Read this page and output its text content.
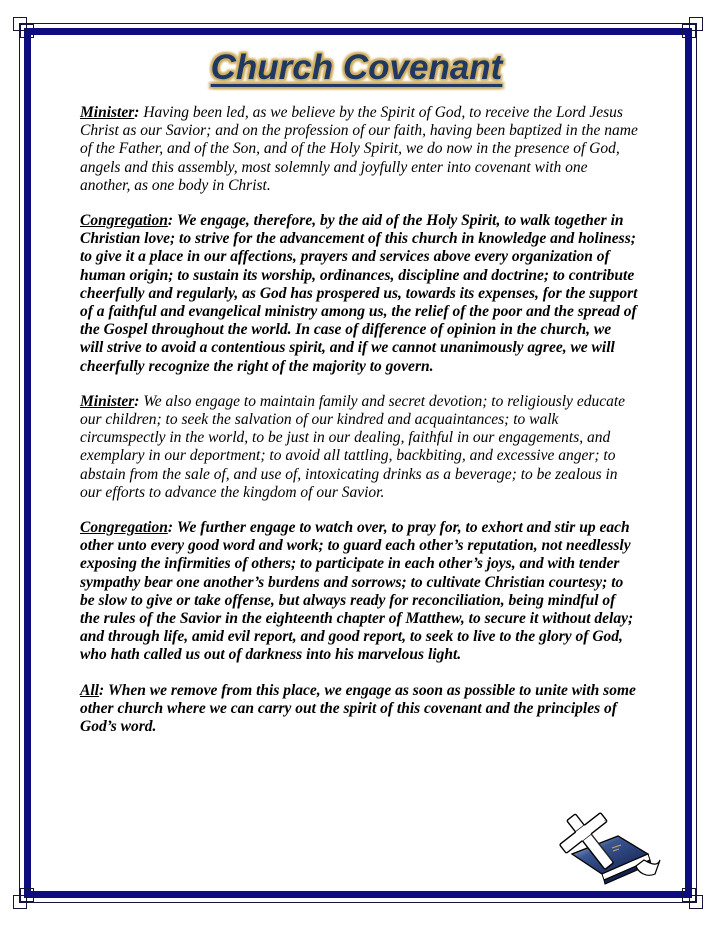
Church Covenant

Minister: Having been led, as we believe by the Spirit of God, to receive the Lord Jesus Christ as our Savior; and on the profession of our faith, having been baptized in the name of the Father, and of the Son, and of the Holy Spirit, we do now in the presence of God, angels and this assembly, most solemnly and joyfully enter into covenant with one another, as one body in Christ.

Congregation: We engage, therefore, by the aid of the Holy Spirit, to walk together in Christian love; to strive for the advancement of this church in knowledge and holiness; to give it a place in our affections, prayers and services above every organization of human origin; to sustain its worship, ordinances, discipline and doctrine; to contribute cheerfully and regularly, as God has prospered us, towards its expenses, for the support of a faithful and evangelical ministry among us, the relief of the poor and the spread of the Gospel throughout the world. In case of difference of opinion in the church, we will strive to avoid a contentious spirit, and if we cannot unanimously agree, we will cheerfully recognize the right of the majority to govern.

Minister: We also engage to maintain family and secret devotion; to religiously educate our children; to seek the salvation of our kindred and acquaintances; to walk circumspectly in the world, to be just in our dealing, faithful in our engagements, and exemplary in our deportment; to avoid all tattling, backbiting, and excessive anger; to abstain from the sale of, and use of, intoxicating drinks as a beverage; to be zealous in our efforts to advance the kingdom of our Savior.

Congregation: We further engage to watch over, to pray for, to exhort and stir up each other unto every good word and work; to guard each other’s reputation, not needlessly exposing the infirmities of others; to participate in each other’s joys, and with tender sympathy bear one another’s burdens and sorrows; to cultivate Christian courtesy; to be slow to give or take offense, but always ready for reconciliation, being mindful of the rules of the Savior in the eighteenth chapter of Matthew, to secure it without delay; and through life, amid evil report, and good report, to seek to live to the glory of God, who hath called us out of darkness into his marvelous light.

All: When we remove from this place, we engage as soon as possible to unite with some other church where we can carry out the spirit of this covenant and the principles of God’s word.
